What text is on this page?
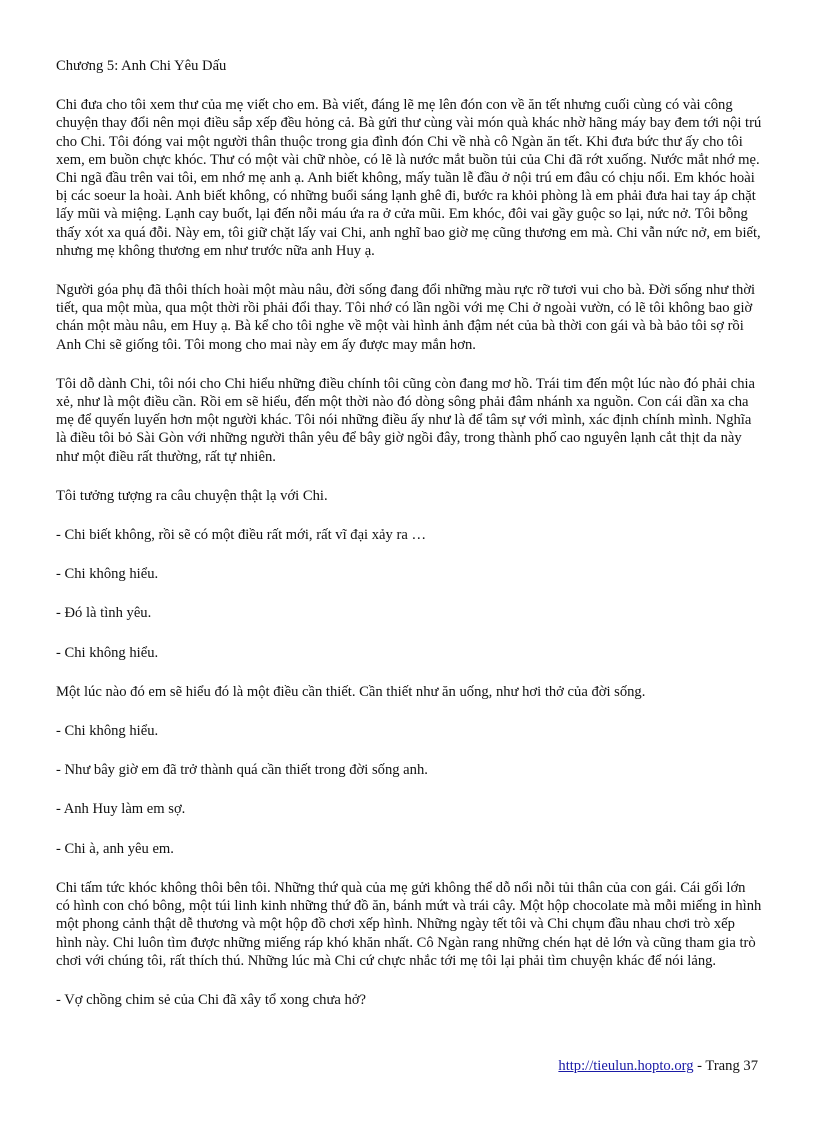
Chương 5: Anh Chi Yêu Dấu

Chi đưa cho tôi xem thư của mẹ viết cho em. Bà viết, đáng lẽ mẹ lên đón con về ăn tết nhưng cuối cùng có vài công chuyện thay đổi nên mọi điều sắp xếp đều hỏng cả. Bà gửi thư cùng vài món quà khác nhờ hãng máy bay đem tới nội trú cho Chi. Tôi đóng vai một người thân thuộc trong gia đình đón Chi về nhà cô Ngàn ăn tết. Khi đưa bức thư ấy cho tôi xem, em buồn chực khóc. Thư có một vài chữ nhòe, có lẽ là nước mắt buồn tủi của Chi đã rớt xuống. Nước mắt nhớ mẹ. Chi ngã đầu trên vai tôi, em nhớ mẹ anh ạ. Anh biết không, mấy tuần lễ đầu ở nội trú em đâu có chịu nổi. Em khóc hoài bị các soeur la hoài. Anh biết không, có những buổi sáng lạnh ghê đi, bước ra khỏi phòng là em phải đưa hai tay áp chặt lấy mũi và miệng. Lạnh cay buốt, lại đến nỗi máu ứa ra ở cửa mũi. Em khóc, đôi vai gầy guộc so lại, nức nở. Tôi bỗng thấy xót xa quá đỗi. Này em, tôi giữ chặt lấy vai Chi, anh nghĩ bao giờ mẹ cũng thương em mà. Chi vẫn nức nở, em biết, nhưng mẹ không thương em như trước nữa anh Huy ạ.

Người góa phụ đã thôi thích hoài một màu nâu, đời sống đang đổi những màu rực rỡ tươi vui cho bà. Đời sống như thời tiết, qua một mùa, qua một thời rồi phải đổi thay. Tôi nhớ có lần ngồi với mẹ Chi ở ngoài vườn, có lẽ tôi không bao giờ chán một màu nâu, em Huy ạ. Bà kể cho tôi nghe về một vài hình ảnh đậm nét của bà thời con gái và bà bảo tôi sợ rồi Anh Chi sẽ giống tôi. Tôi mong cho mai này em ấy được may mắn hơn.

Tôi dỗ dành Chi, tôi nói cho Chi hiểu những điều chính tôi cũng còn đang mơ hồ. Trái tim đến một lúc nào đó phải chia xẻ, như là một điều cần. Rồi em sẽ hiểu, đến một thời nào đó dòng sông phải đâm nhánh xa nguồn. Con cái dần xa cha mẹ để quyến luyến hơn một người khác. Tôi nói những điều ấy như là để tâm sự với mình, xác định chính mình. Nghĩa là điều tôi bỏ Sài Gòn với những người thân yêu để bây giờ ngồi đây, trong thành phố cao nguyên lạnh cắt thịt da này như một điều rất thường, rất tự nhiên.

Tôi tưởng tượng ra câu chuyện thật lạ với Chi.

- Chi biết không, rồi sẽ có một điều rất mới, rất vĩ đại xảy ra …

- Chi không hiểu.

- Đó là tình yêu.

- Chi không hiểu.

Một lúc nào đó em sẽ hiểu đó là một điều cần thiết. Cần thiết như ăn uống, như hơi thở của đời sống.

- Chi không hiểu.

- Như bây giờ em đã trở thành quá cần thiết trong đời sống anh.

- Anh Huy làm em sợ.

- Chi à, anh yêu em.

Chi tấm tức khóc không thôi bên tôi. Những thứ quà của mẹ gửi không thể dỗ nổi nỗi tủi thân của con gái. Cái gối lớn có hình con chó bông, một túi linh kinh những thứ đồ ăn, bánh mứt và trái cây. Một hộp chocolate mà mỗi miếng in hình một phong cảnh thật dễ thương và một hộp đồ chơi xếp hình. Những ngày tết tôi và Chi chụm đầu nhau chơi trò xếp hình này. Chi luôn tìm được những miếng ráp khó khăn nhất. Cô Ngàn rang những chén hạt dẻ lớn và cũng tham gia trò chơi với chúng tôi, rất thích thú. Những lúc mà Chi cứ chực nhắc tới mẹ tôi lại phải tìm chuyện khác để nói lảng.

- Vợ chồng chim sẻ của Chi đã xây tổ xong chưa hở?

http://tieulun.hopto.org - Trang 37
